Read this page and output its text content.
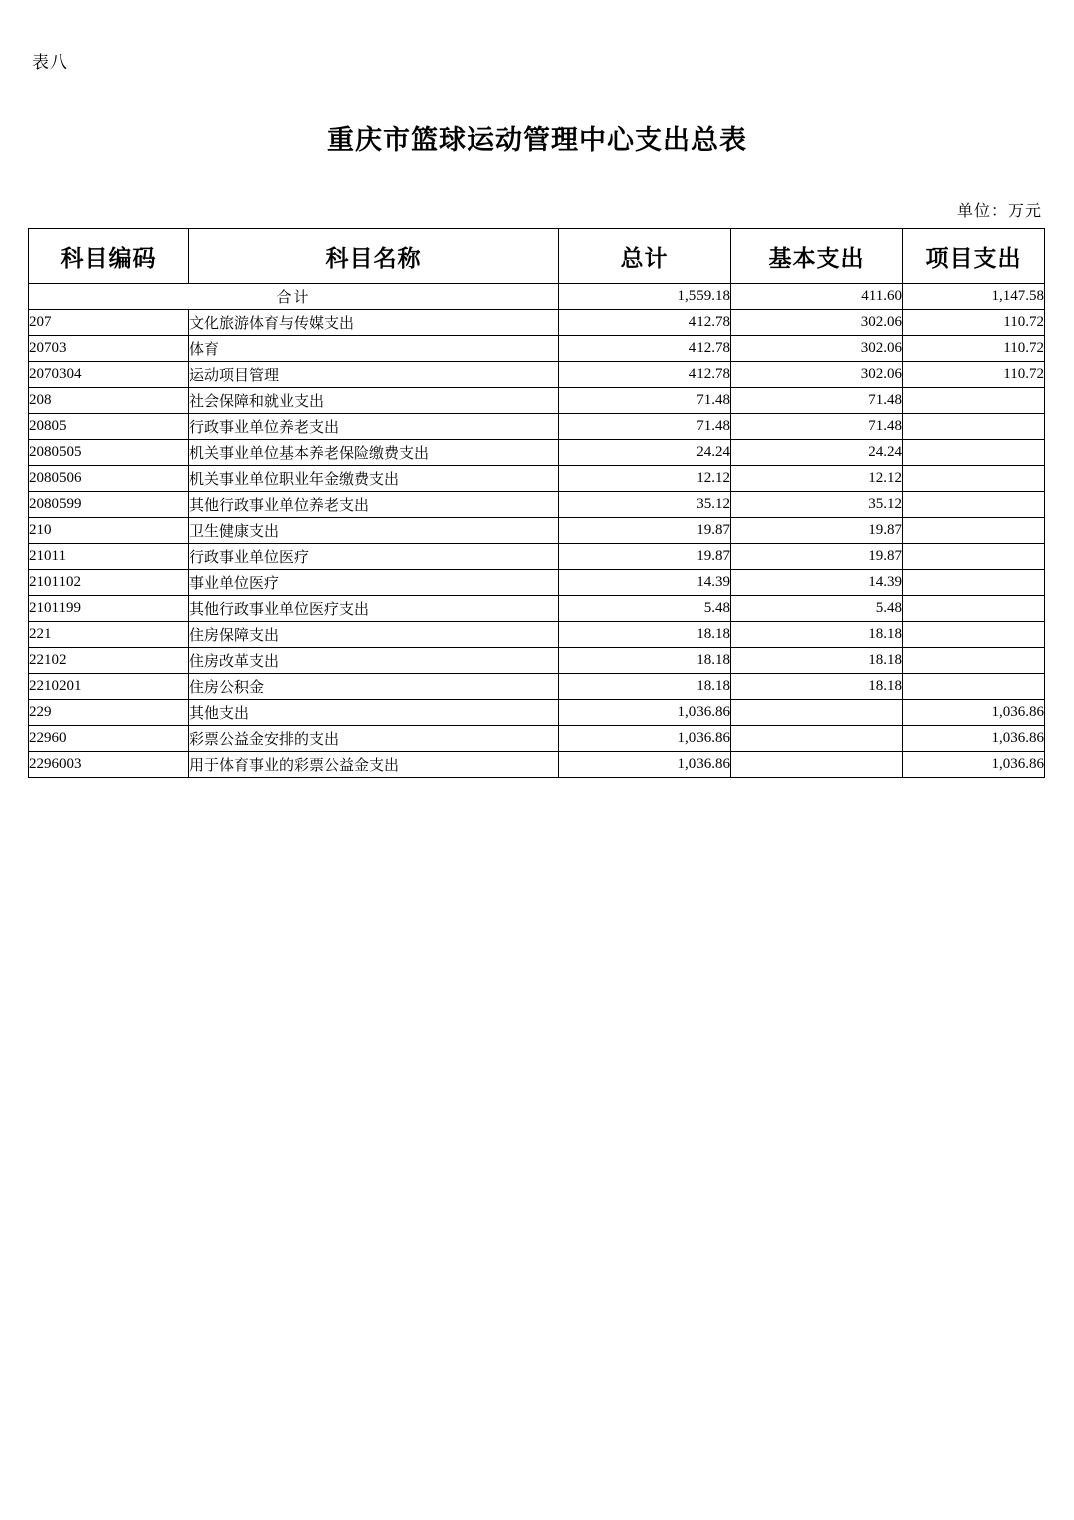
表八
重庆市篮球运动管理中心支出总表
单位：万元
科目编码	科目名称	总计	基本支出	项目支出
合计		1,559.18	411.60	1,147.58
207	文化旅游体育与传媒支出	412.78	302.06	110.72
20703	体育	412.78	302.06	110.72
2070304	运动项目管理	412.78	302.06	110.72
208	社会保障和就业支出	71.48	71.48	
20805	行政事业单位养老支出	71.48	71.48	
2080505	机关事业单位基本养老保险缴费支出	24.24	24.24	
2080506	机关事业单位职业年金缴费支出	12.12	12.12	
2080599	其他行政事业单位养老支出	35.12	35.12	
210	卫生健康支出	19.87	19.87	
21011	行政事业单位医疗	19.87	19.87	
2101102	事业单位医疗	14.39	14.39	
2101199	其他行政事业单位医疗支出	5.48	5.48	
221	住房保障支出	18.18	18.18	
22102	住房改革支出	18.18	18.18	
2210201	住房公积金	18.18	18.18	
229	其他支出	1,036.86		1,036.86
22960	彩票公益金安排的支出	1,036.86		1,036.86
2296003	用于体育事业的彩票公益金支出	1,036.86		1,036.86
